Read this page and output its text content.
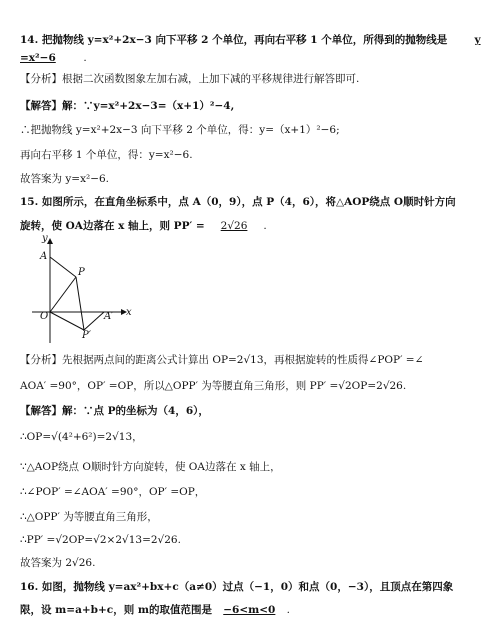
14. 把抛物线 y=x²+2x−3 向下平移 2 个单位，再向右平移 1 个单位，所得到的抛物线是	y
=x²−6	.
【分析】根据二次函数图象左加右减，上加下减的平移规律进行解答即可.
【解答】解：∵y=x²+2x−3=（x+1）²−4,
∴把抛物线 y=x²+2x−3 向下平移 2 个单位，得：y=（x+1）²−6;
再向右平移 1 个单位，得：y=x²−6.
故答案为 y=x²−6.
15. 如图所示，在直角坐标系中，点 A（0，9），点 P（4，6），将△AOP绕点 O顺时针方向
旋转，使 OA边落在 x 轴上，则 PP′ = 2√26 .
y
A
P
O	A′ x
P′
【分析】先根据两点间的距离公式计算出 OP=2√13，再根据旋转的性质得∠POP′ =∠
AOA′ =90°，OP′ =OP，所以△OPP′ 为等腰直角三角形，则 PP′ =√2OP=2√26.
【解答】解：∵点 P的坐标为（4，6），
∴OP=√(4²+6²)=2√13，
∵△AOP绕点 O顺时针方向旋转，使 OA边落在 x 轴上，
∴∠POP′ =∠AOA′ =90°，OP′ =OP，
∴△OPP′ 为等腰直角三角形，
∴PP′ =√2OP=√2×2√13=2√26.
故答案为 2√26.
16. 如图，抛物线 y=ax²+bx+c（a≠0）过点（−1，0）和点（0，−3），且顶点在第四象
限，设 m=a+b+c，则 m的取值范围是 −6<m<0 .
